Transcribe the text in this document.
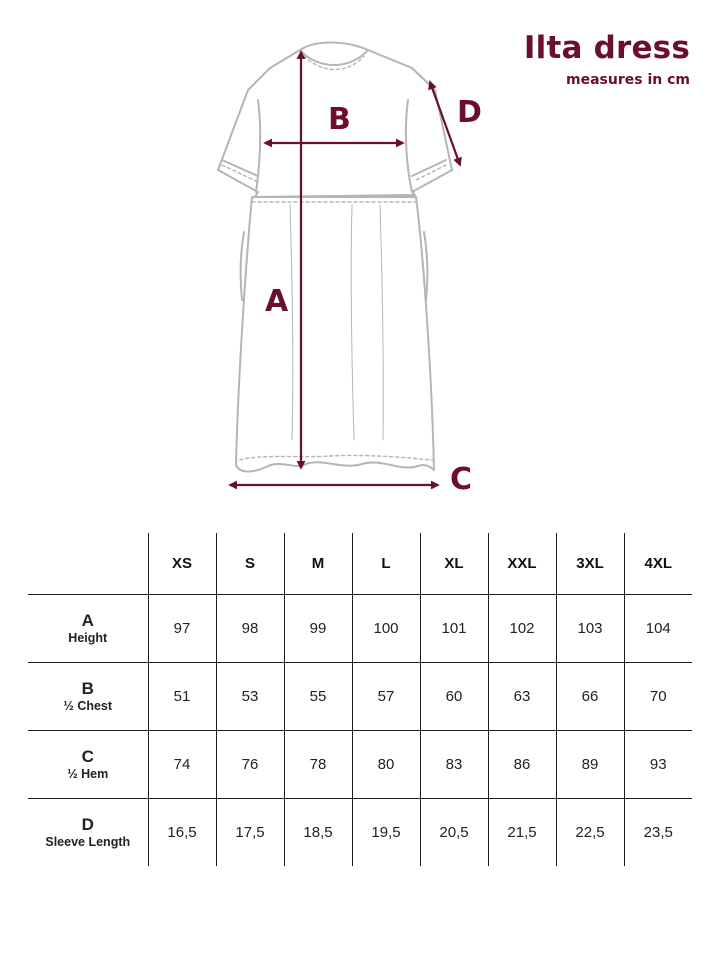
Ilta dress
measures in cm
A
B
C
D
	XS	S	M	L	XL	XXL	3XL	4XL

A
Height	97	98	99	100	101	102	103	104

B
½ Chest	51	53	55	57	60	63	66	70

C
½ Hem	74	76	78	80	83	86	89	93

D
Sleeve Length	16,5	17,5	18,5	19,5	20,5	21,5	22,5	23,5
